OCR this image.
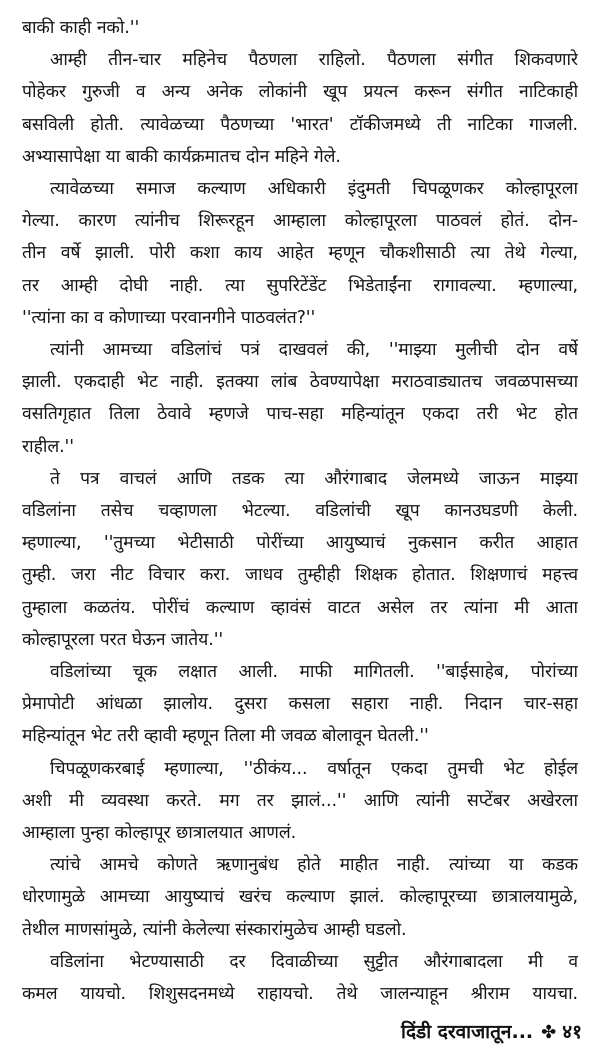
बाकी काही नको.''
आम्ही तीन-चार महिनेच पैठणला राहिलो. पैठणला संगीत शिकवणारे
पोहेकर गुरुजी व अन्य अनेक लोकांनी खूप प्रयत्न करून संगीत नाटिकाही
बसविली होती. त्यावेळच्या पैठणच्या 'भारत' टॉकीजमध्ये ती नाटिका गाजली.
अभ्यासापेक्षा या बाकी कार्यक्रमातच दोन महिने गेले.
त्यावेळच्या समाज कल्याण अधिकारी इंदुमती चिपळूणकर कोल्हापूरला
गेल्या. कारण त्यांनीच शिरूरहून आम्हाला कोल्हापूरला पाठवलं होतं. दोन-
तीन वर्षे झाली. पोरी कशा काय आहेत म्हणून चौकशीसाठी त्या तेथे गेल्या,
तर आम्ही दोघी नाही. त्या सुपरिटेंडेंट भिडेताईंना रागावल्या. म्हणाल्या,
''त्यांना का व कोणाच्या परवानगीने पाठवलंत?''
त्यांनी आमच्या वडिलांचं पत्रं दाखवलं की, ''माझ्या मुलीची दोन वर्षे
झाली. एकदाही भेट नाही. इतक्या लांब ठेवण्यापेक्षा मराठवाड्यातच जवळपासच्या
वसतिगृहात तिला ठेवावे म्हणजे पाच-सहा महिन्यांतून एकदा तरी भेट होत
राहील.''
ते पत्र वाचलं आणि तडक त्या औरंगाबाद जेलमध्ये जाऊन माझ्या
वडिलांना तसेच चव्हाणला भेटल्या. वडिलांची खूप कानउघडणी केली.
म्हणाल्या, ''तुमच्या भेटीसाठी पोरींच्या आयुष्याचं नुकसान करीत आहात
तुम्ही. जरा नीट विचार करा. जाधव तुम्हीही शिक्षक होतात. शिक्षणाचं महत्त्व
तुम्हाला कळतंय. पोरींचं कल्याण व्हावंसं वाटत असेल तर त्यांना मी आता
कोल्हापूरला परत घेऊन जातेय.''
वडिलांच्या चूक लक्षात आली. माफी मागितली. ''बाईसाहेब, पोरांच्या
प्रेमापोटी आंधळा झालोय. दुसरा कसला सहारा नाही. निदान चार-सहा
महिन्यांतून भेट तरी व्हावी म्हणून तिला मी जवळ बोलावून घेतली.''
चिपळूणकरबाई म्हणाल्या, ''ठीकंय... वर्षातून एकदा तुमची भेट होईल
अशी मी व्यवस्था करते. मग तर झालं...'' आणि त्यांनी सप्टेंबर अखेरला
आम्हाला पुन्हा कोल्हापूर छात्रालयात आणलं.
त्यांचे आमचे कोणते ऋणानुबंध होते माहीत नाही. त्यांच्या या कडक
धोरणामुळे आमच्या आयुष्याचं खरंच कल्याण झालं. कोल्हापूरच्या छात्रालयामुळे,
तेथील माणसांमुळे, त्यांनी केलेल्या संस्कारांमुळेच आम्ही घडलो.
वडिलांना भेटण्यासाठी दर दिवाळीच्या सुट्टीत औरंगाबादला मी व
कमल यायचो. शिशुसदनमध्ये राहायचो. तेथे जालन्याहून श्रीराम यायचा.
दिंडी दरवाजातून... ✤ ४१
